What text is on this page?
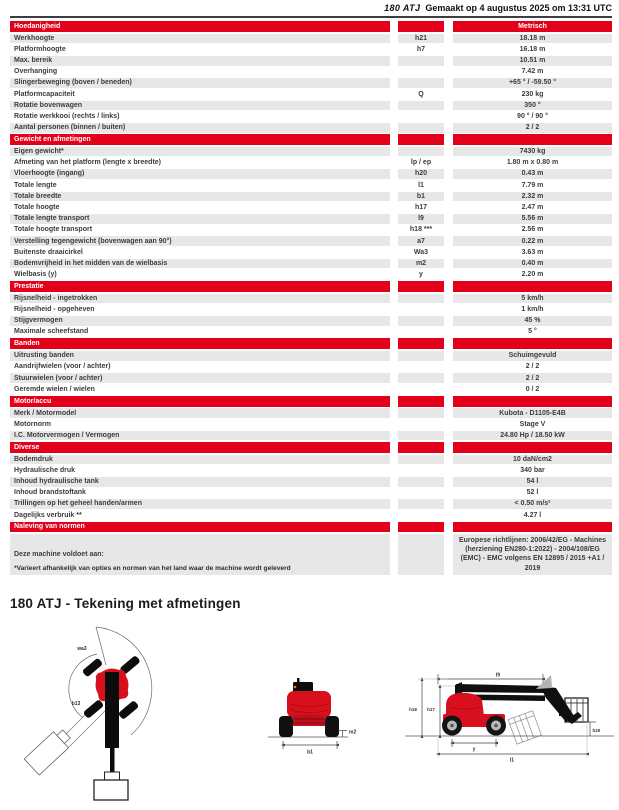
180 ATJ Gemaakt op 4 augustus 2025 om 13:31 UTC
Hoedanigheid	Metrisch
Werkhoogte	h21	18.18 m
Platformhoogte	h7	16.18 m
Max. bereik	10.51 m
Overhanging	7.42 m
Slingerbeweging (boven / beneden)	+65 ° / -59.50 °
Platformcapaciteit	Q	230 kg
Rotatie bovenwagen	350 °
Rotatie werkkooi (rechts / links)	90 ° / 90 °
Aantal personen (binnen / buiten)	2 / 2
Gewicht en afmetingen
Eigen gewicht*	7430 kg
Afmeting van het platform (lengte x breedte)	lp / ep	1.80 m x 0.80 m
Vloerhoogte (ingang)	h20	0.43 m
Totale lengte	l1	7.79 m
Totale breedte	b1	2.32 m
Totale hoogte	h17	2.47 m
Totale lengte transport	l9	5.56 m
Totale hoogte transport	h18 ***	2.56 m
Verstelling tegengewicht (bovenwagen aan 90°)	a7	0.22 m
Buitenste draaicirkel	Wa3	3.63 m
Bodemvrijheid in het midden van de wielbasis	m2	0.40 m
Wielbasis (y)	y	2.20 m
Prestatie
Rijsnelheid - ingetrokken	5 km/h
Rijsnelheid - opgeheven	1 km/h
Stijgvermogen	45 %
Maximale scheefstand	5 °
Banden
Uitrusting banden	Schuimgevuld
Aandrijfwielen (voor / achter)	2 / 2
Stuurwielen (voor / achter)	2 / 2
Geremde wielen / wielen	0 / 2
Motor/accu
Merk / Motormodel	Kubota - D1105-E4B
Motornorm	Stage V
I.C. Motorvermogen / Vermogen	24.80 Hp / 18.50 kW
Diverse
Bodemdruk	10 daN/cm2
Hydraulische druk	340 bar
Inhoud hydraulische tank	54 l
Inhoud brandstoftank	52 l
Trillingen op het geheel handen/armen	< 0.50 m/s²
Dagelijks verbruik **	4.27 l
Naleving van normen
Deze machine voldoet aan:
Europese richtlijnen: 2006/42/EG - Machines (herziening EN280-1:2022) - 2004/108/EG (EMC) - EMC volgens EN 12895 / 2015 +A1 / 2019
*Varieert afhankelijk van opties en normen van het land waar de machine wordt geleverd
180 ATJ - Tekening met afmetingen
wa3
b13
b1
m2
l9
h18 h17
y
l1
h20
